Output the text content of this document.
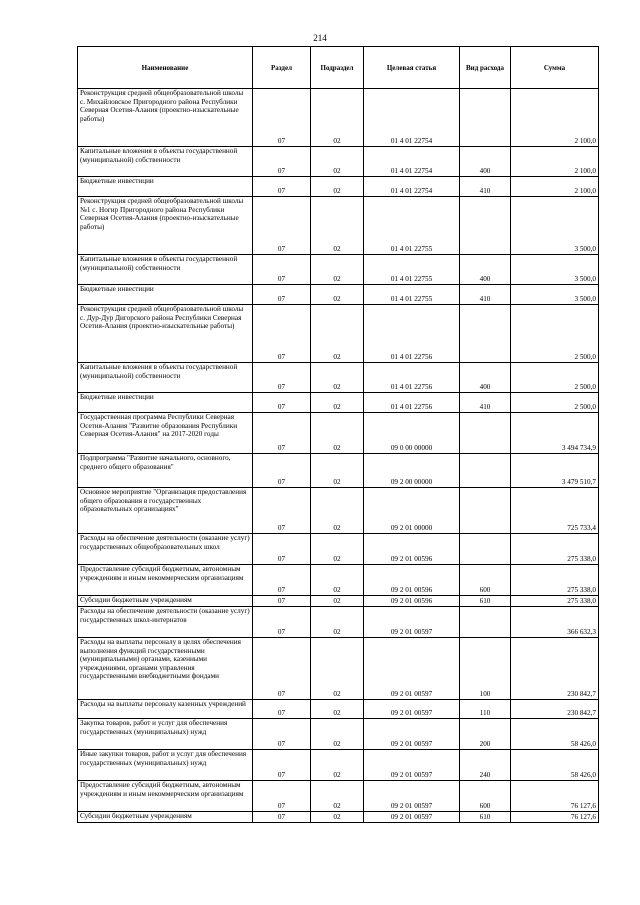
214
Наименование	Раздел	Подраздел	Целевая статья	Вид расхода	Сумма
Реконструкция средней общеобразовательной школы с. Михайловское Пригородного района Республики Северная Осетия-Алания (проектно-изыскательные работы)	07	02	01 4 01 22754		2 100,0
Капитальные вложения в объекты государственной (муниципальной) собственности	07	02	01 4 01 22754	400	2 100,0
Бюджетные инвестиции	07	02	01 4 01 22754	410	2 100,0
Реконструкция средней общеобразовательной школы №1 с. Ногир Пригородного района Республики Северная Осетия-Алания (проектно-изыскательные работы)	07	02	01 4 01 22755		3 500,0
Капитальные вложения в объекты государственной (муниципальной) собственности	07	02	01 4 01 22755	400	3 500,0
Бюджетные инвестиции	07	02	01 4 01 22755	410	3 500,0
Реконструкция средней общеобразовательной школы с. Дур-Дур Дигорского района Республики Северная Осетия-Алания (проектно-изыскательные работы)	07	02	01 4 01 22756		2 500,0
Капитальные вложения в объекты государственной (муниципальной) собственности	07	02	01 4 01 22756	400	2 500,0
Бюджетные инвестиции	07	02	01 4 01 22756	410	2 500,0
Государственная программа Республики Северная Осетия-Алания "Развитие образования Республики Северная Осетия-Алания" на 2017-2020 годы	07	02	09 0 00 00000		3 494 734,9
Подпрограмма "Развитие начального, основного, среднего общего образования"	07	02	09 2 00 00000		3 479 510,7
Основное мероприятие "Организация предоставления общего образования в государственных образовательных организациях"	07	02	09 2 01 00000		725 733,4
Расходы на обеспечение деятельности (оказание услуг) государственных общеобразовательных школ	07	02	09 2 01 00596		275 338,0
Предоставление субсидий бюджетным, автономным учреждениям и иным некоммерческим организациям	07	02	09 2 01 00596	600	275 338,0
Субсидии бюджетным учреждениям	07	02	09 2 01 00596	610	275 338,0
Расходы на обеспечение деятельности (оказание услуг) государственных школ-интернатов	07	02	09 2 01 00597		366 632,3
Расходы на выплаты персоналу в целях обеспечения выполнения функций государственными (муниципальными) органами, казенными учреждениями, органами управления государственными внебюджетными фондами	07	02	09 2 01 00597	100	230 842,7
Расходы на выплаты персоналу казенных учреждений	07	02	09 2 01 00597	110	230 842,7
Закупка товаров, работ и услуг для обеспечения государственных (муниципальных) нужд	07	02	09 2 01 00597	200	58 426,0
Иные закупки товаров, работ и услуг для обеспечения государственных (муниципальных) нужд	07	02	09 2 01 00597	240	58 426,0
Предоставление субсидий бюджетным, автономным учреждениям и иным некоммерческим организациям	07	02	09 2 01 00597	600	76 127,6
Субсидии бюджетным учреждениям	07	02	09 2 01 00597	610	76 127,6
